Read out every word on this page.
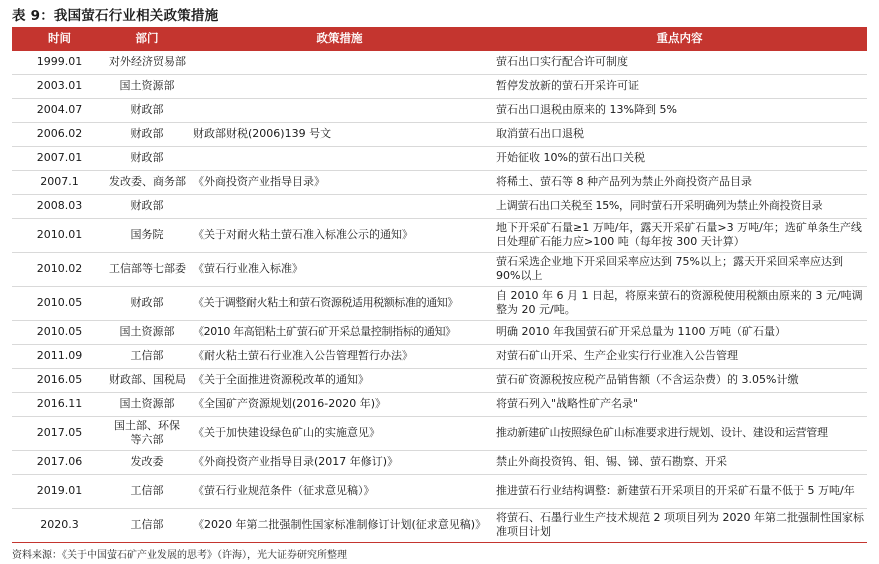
表 9：我国萤石行业相关政策措施
时间	部门	政策措施	重点内容
1999.01	对外经济贸易部		萤石出口实行配合许可制度
2003.01	国土资源部		暂停发放新的萤石开采许可证
2004.07	财政部		萤石出口退税由原来的 13%降到 5%
2006.02	财政部	财政部财税(2006)139 号文	取消萤石出口退税
2007.01	财政部		开始征收 10%的萤石出口关税
2007.1	发改委、商务部	《外商投资产业指导目录》	将稀土、萤石等 8 种产品列为禁止外商投资产品目录
2008.03	财政部		上调萤石出口关税至 15%，同时萤石开采明确列为禁止外商投资目录
2010.01	国务院	《关于对耐火粘土萤石准入标准公示的通知》	地下开采矿石量≥1 万吨/年，露天开采矿石量>3 万吨/年；选矿单条生产线日处理矿石能力应>100 吨（每年按 300 天计算）
2010.02	工信部等七部委	《萤石行业准入标准》	萤石采选企业地下开采回采率应达到 75%以上；露天开采回采率应达到 90%以上
2010.05	财政部	《关于调整耐火粘土和萤石资源税适用税额标准的通知》	自 2010 年 6 月 1 日起，将原来萤石的资源税使用税额由原来的 3 元/吨调整为 20 元/吨。
2010.05	国土资源部	《2010 年高铝粘土矿萤石矿开采总量控制指标的通知》	明确 2010 年我国萤石矿开采总量为 1100 万吨（矿石量）
2011.09	工信部	《耐火粘土萤石行业准入公告管理暂行办法》	对萤石矿山开采、生产企业实行行业准入公告管理
2016.05	财政部、国税局	《关于全面推进资源税改革的通知》	萤石矿资源税按应税产品销售额（不含运杂费）的 3.05%计缴
2016.11	国土资源部	《全国矿产资源规划(2016-2020 年)》	将萤石列入"战略性矿产名录"
2017.05	国土部、环保等六部	《关于加快建设绿色矿山的实施意见》	推动新建矿山按照绿色矿山标准要求进行规划、设计、建设和运营管理
2017.06	发改委	《外商投资产业指导目录(2017 年修订)》	禁止外商投资钨、钼、锡、锑、萤石勘察、开采
2019.01	工信部	《萤石行业规范条件（征求意见稿）》	推进萤石行业结构调整：新建萤石开采项目的开采矿石量不低于 5 万吨/年
2020.3	工信部	《2020 年第二批强制性国家标准制修订计划(征求意见稿)》	将萤石、石墨行业生产技术规范 2 项项目列为 2020 年第二批强制性国家标准项目计划
资料来源：《关于中国萤石矿产业发展的思考》（许海），光大证券研究所整理
